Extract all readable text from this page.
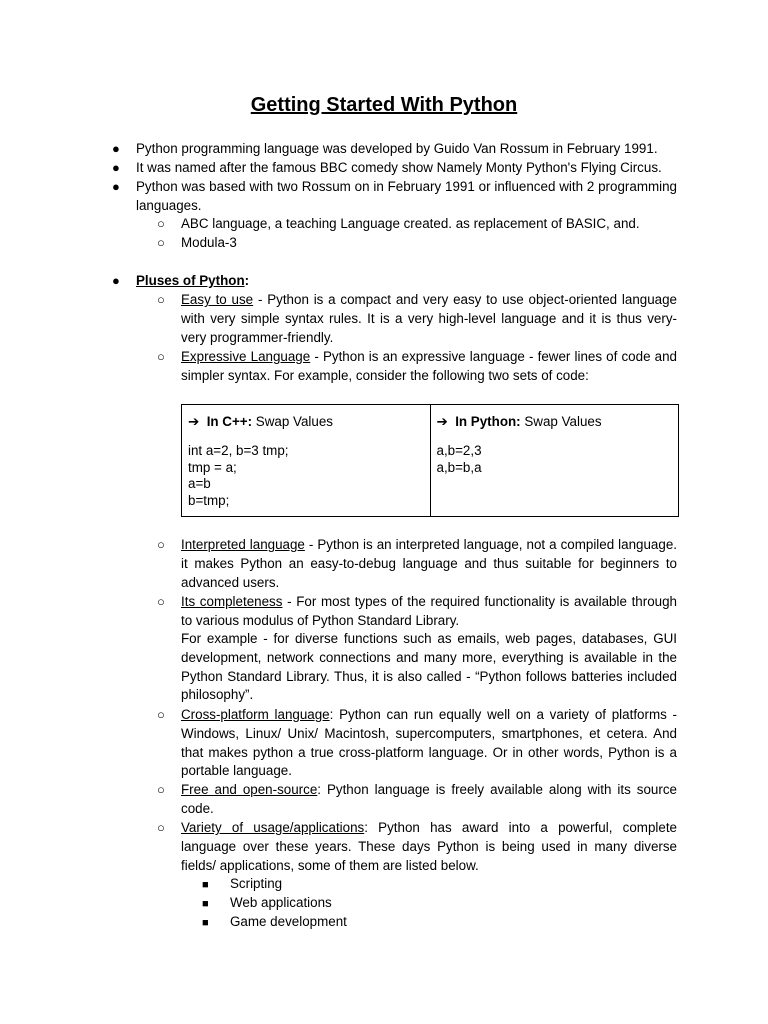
Getting Started With Python
● Python programming language was developed by Guido Van Rossum in February 1991.
● It was named after the famous BBC comedy show Namely Monty Python's Flying Circus.
● Python was based with two Rossum on in February 1991 or influenced with 2 programming languages.
○ ABC language, a teaching Language created. as replacement of BASIC, and.
○ Modula-3
● Pluses of Python:
○ Easy to use - Python is a compact and very easy to use object-oriented language with very simple syntax rules. It is a very high-level language and it is thus very-very programmer-friendly.
○ Expressive Language - Python is an expressive language - fewer lines of code and simpler syntax. For example, consider the following two sets of code:
➔ In C++: Swap Values
int a=2, b=3 tmp;
tmp = a;
a=b
b=tmp;

➔ In Python: Swap Values
a,b=2,3
a,b=b,a
○ Interpreted language - Python is an interpreted language, not a compiled language. it makes Python an easy-to-debug language and thus suitable for beginners to advanced users.
○ Its completeness - For most types of the required functionality is available through to various modulus of Python Standard Library.
For example - for diverse functions such as emails, web pages, databases, GUI development, network connections and many more, everything is available in the Python Standard Library. Thus, it is also called - “Python follows batteries included philosophy”.
○ Cross-platform language: Python can run equally well on a variety of platforms - Windows, Linux/ Unix/ Macintosh, supercomputers, smartphones, et cetera. And that makes python a true cross-platform language. Or in other words, Python is a portable language.
○ Free and open-source: Python language is freely available along with its source code.
○ Variety of usage/applications: Python has award into a powerful, complete language over these years. These days Python is being used in many diverse fields/ applications, some of them are listed below.
■ Scripting
■ Web applications
■ Game development
